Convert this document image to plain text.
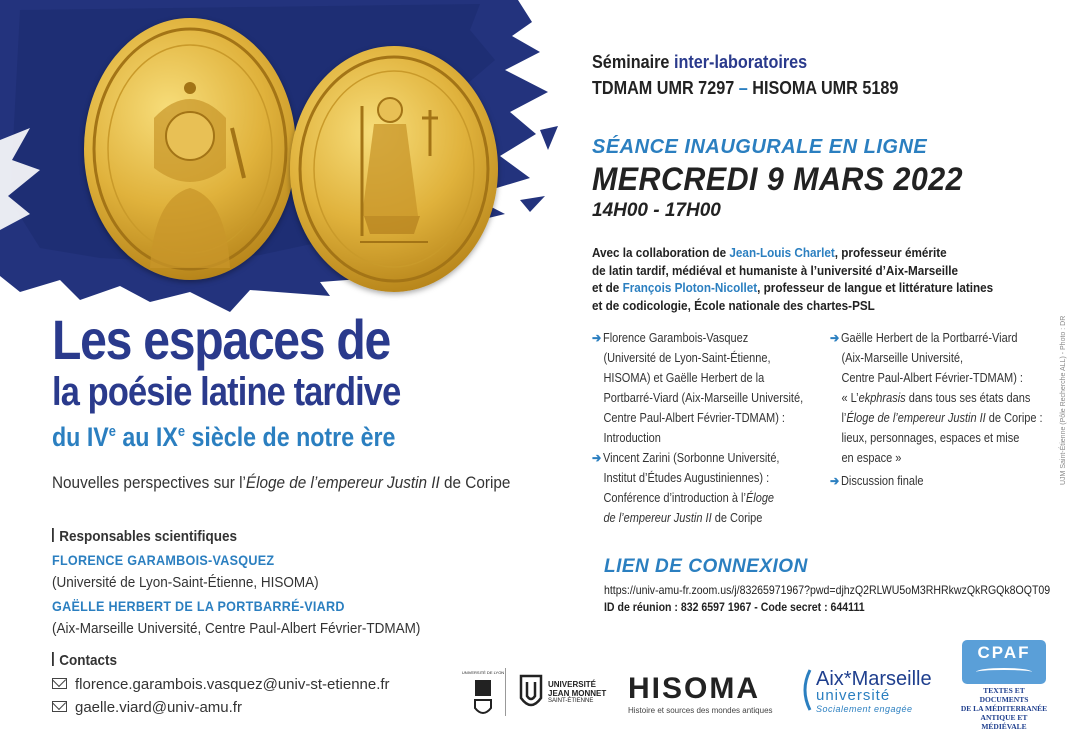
UJM Saint-Étienne (Pôle Recherche ALL) - Photo : DR
Les espaces de
la poésie latine tardive
du IVe au IXe siècle de notre ère
Nouvelles perspectives sur l’Éloge de l’empereur Justin II de Coripe
Responsables scientifiques
FLORENCE GARAMBOIS-VASQUEZ
(Université de Lyon-Saint-Étienne, HISOMA)
GAËLLE HERBERT DE LA PORTBARRÉ-VIARD
(Aix-Marseille Université, Centre Paul-Albert Février-TDMAM)
Contacts
florence.garambois.vasquez@univ-st-etienne.fr
gaelle.viard@univ-amu.fr
Séminaire inter-laboratoires
TDMAM UMR 7297 – HISOMA UMR 5189
SÉANCE INAUGURALE EN LIGNE
MERCREDI 9 MARS 2022
14H00 - 17H00
Avec la collaboration de Jean-Louis Charlet, professeur émérite
de latin tardif, médiéval et humaniste à l’université d’Aix-Marseille
et de François Ploton-Nicollet, professeur de langue et littérature latines
et de codicologie, École nationale des chartes-PSL
➔ Florence Garambois-Vasquez
(Université de Lyon-Saint-Étienne,
HISOMA) et Gaëlle Herbert de la
Portbarré-Viard (Aix-Marseille Université,
Centre Paul-Albert Février-TDMAM) :
Introduction
➔ Vincent Zarini (Sorbonne Université,
Institut d’Études Augustiniennes) :
Conférence d’introduction à l’Éloge
de l’empereur Justin II de Coripe
➔ Gaëlle Herbert de la Portbarré-Viard
(Aix-Marseille Université,
Centre Paul-Albert Février-TDMAM) :
« L’ekphrasis dans tous ses états dans
l’Éloge de l’empereur Justin II de Coripe :
lieux, personnages, espaces et mise
en espace »
➔ Discussion finale
LIEN DE CONNEXION
https://univ-amu-fr.zoom.us/j/83265971967?pwd=djhzQ2RLWU5oM3RHRkwzQkRGQk8OQT09
ID de réunion : 832 6597 1967 - Code secret : 644111
UNIVERSITÉ DE LYON
UNIVERSITÉ
JEAN MONNET
SAINT-ÉTIENNE	HISOMA
Histoire et sources des mondes antiques
Aix*Marseille
université
Socialement engagée
CPAF
TEXTES ET DOCUMENTS
DE LA MÉDITERRANÉE
ANTIQUE ET MÉDIÉVALE
